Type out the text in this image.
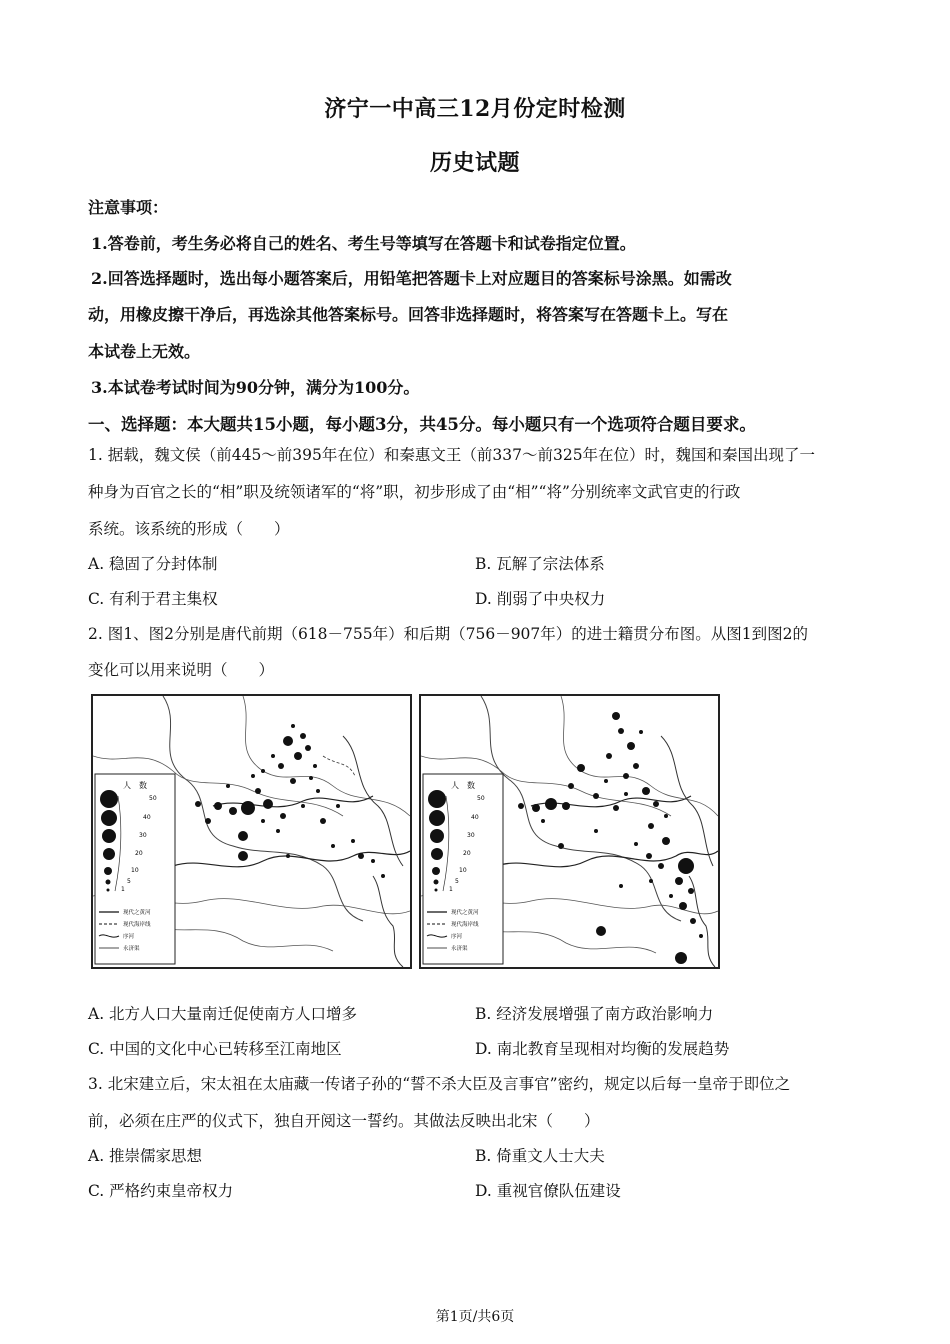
济宁一中高三12月份定时检测
历史试题
注意事项：
1.答卷前，考生务必将自己的姓名、考生号等填写在答题卡和试卷指定位置。
2.回答选择题时，选出每小题答案后，用铅笔把答题卡上对应题目的答案标号涂黑。如需改
动，用橡皮擦干净后，再选涂其他答案标号。回答非选择题时，将答案写在答题卡上。写在
本试卷上无效。
3.本试卷考试时间为90分钟，满分为100分。
一、选择题：本大题共15小题，每小题3分，共45分。每小题只有一个选项符合题目要求。
1. 据载，魏文侯（前445～前395年在位）和秦惠文王（前337～前325年在位）时，魏国和秦国出现了一
种身为百官之长的“相”职及统领诸军的“将”职，初步形成了由“相”“将”分别统率文武官吏的行政
系统。该系统的形成（　　）
A. 稳固了分封体制	B. 瓦解了宗法体系
C. 有利于君主集权	D. 削弱了中央权力
2. 图1、图2分别是唐代前期（618－755年）和后期（756－907年）的进士籍贯分布图。从图1到图2的
变化可以用来说明（　　）
人　数
50
40
30
20
10
5
1
现代之黄河
现代海岸线
序河
永济渠
人　数
50
40
30
20
10
5
1
现代之黄河
现代海岸线
序河
永济渠
A. 北方人口大量南迁促使南方人口增多	B. 经济发展增强了南方政治影响力
C. 中国的文化中心已转移至江南地区	D. 南北教育呈现相对均衡的发展趋势
3. 北宋建立后，宋太祖在太庙藏一传诸子孙的“誓不杀大臣及言事官”密约，规定以后每一皇帝于即位之
前，必须在庄严的仪式下，独自开阅这一誓约。其做法反映出北宋（　　）
A. 推崇儒家思想	B. 倚重文人士大夫
C. 严格约束皇帝权力	D. 重视官僚队伍建设
第1页/共6页
